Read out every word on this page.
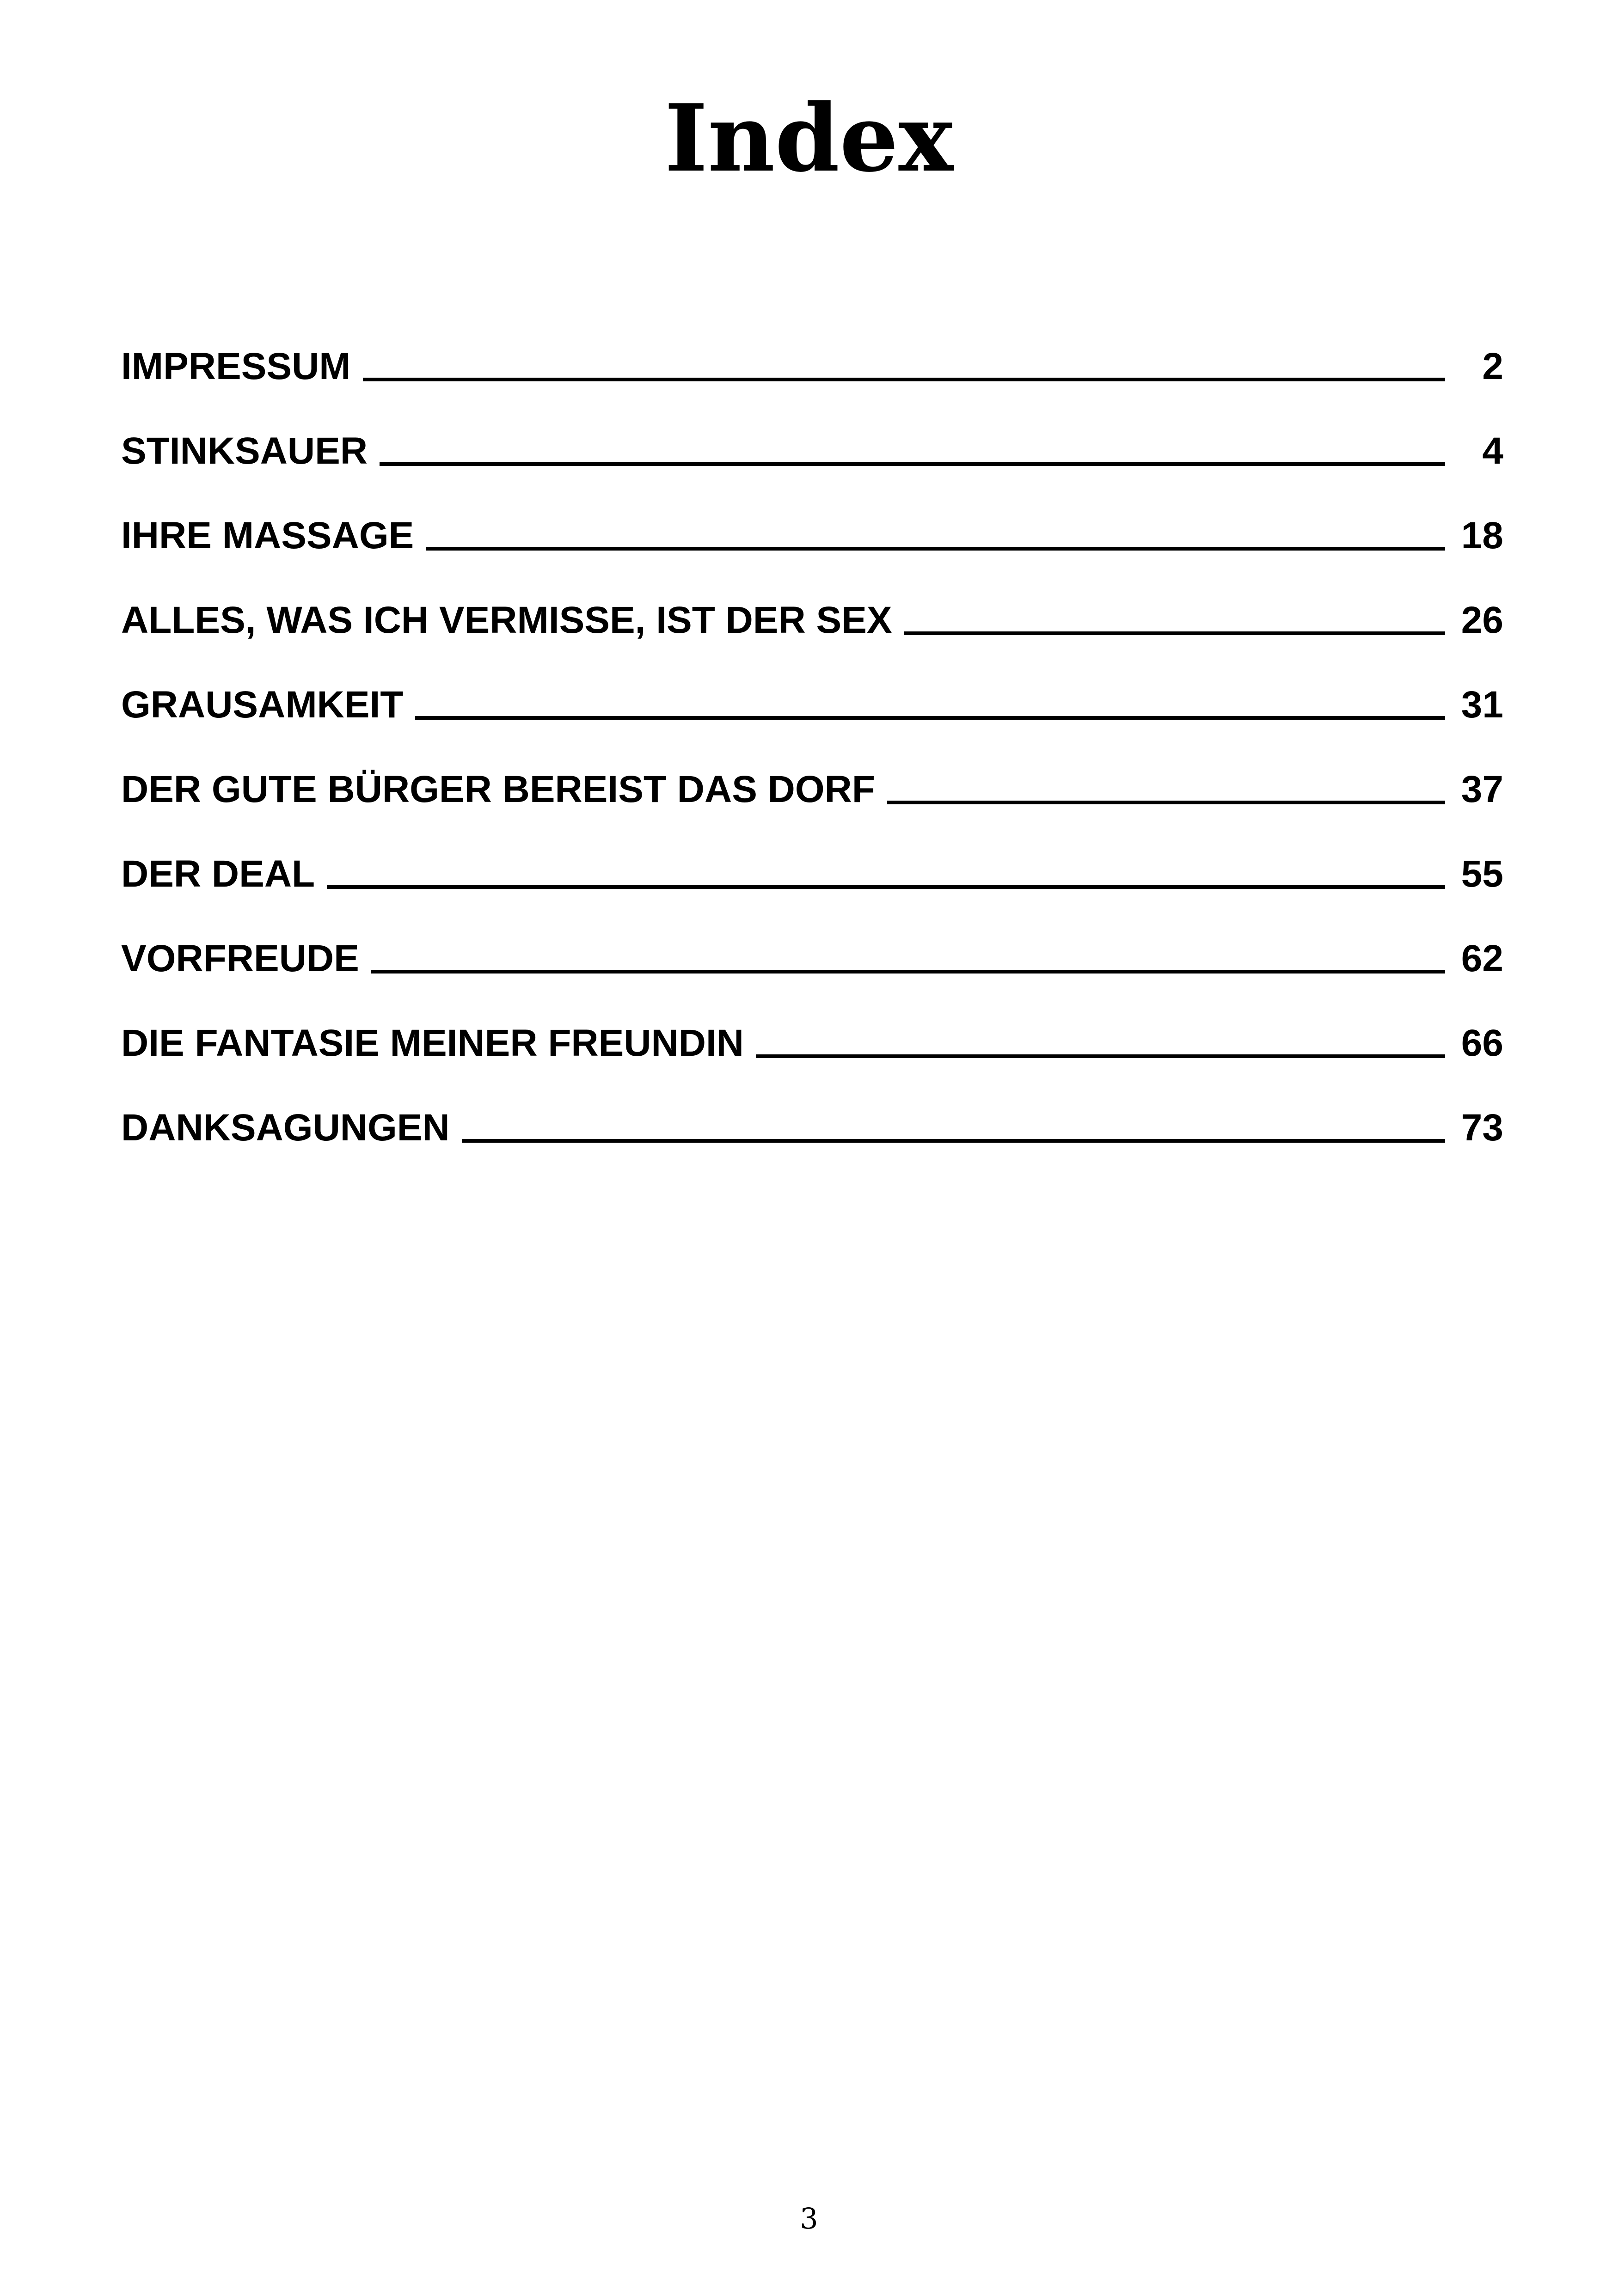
Index
IMPRESSUM	2
STINKSAUER	4
IHRE MASSAGE	18
ALLES, WAS ICH VERMISSE, IST DER SEX	26
GRAUSAMKEIT	31
DER GUTE BÜRGER BEREIST DAS DORF	37
DER DEAL	55
VORFREUDE	62
DIE FANTASIE MEINER FREUNDIN	66
DANKSAGUNGEN	73
3
